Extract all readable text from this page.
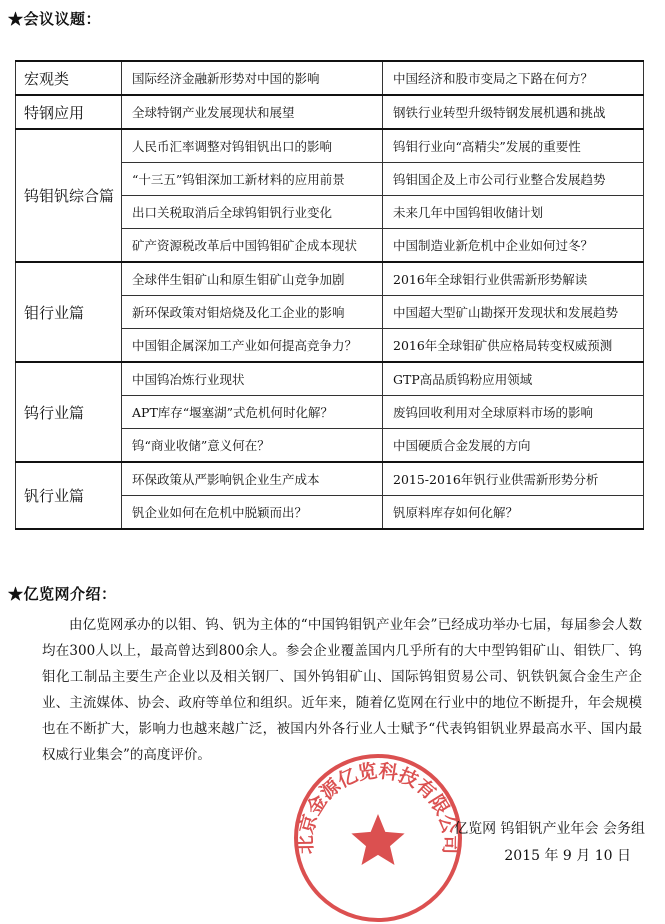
★会议议题：
宏观类	国际经济金融新形势对中国的影响	中国经济和股市变局之下路在何方？
特钢应用	全球特钢产业发展现状和展望	钢铁行业转型升级特钢发展机遇和挑战
钨钼钒综合篇	人民币汇率调整对钨钼钒出口的影响	钨钼行业向“高精尖”发展的重要性
	“十三五”钨钼深加工新材料的应用前景	钨钼国企及上市公司行业整合发展趋势
	出口关税取消后全球钨钼钒行业变化	未来几年中国钨钼收储计划
	矿产资源税改革后中国钨钼矿企成本现状	中国制造业新危机中企业如何过冬？
钼行业篇	全球伴生钼矿山和原生钼矿山竞争加剧	2016年全球钼行业供需新形势解读
	新环保政策对钼焙烧及化工企业的影响	中国超大型矿山勘探开发现状和发展趋势
	中国钼企属深加工产业如何提高竞争力？	2016年全球钼矿供应格局转变权威预测
钨行业篇	中国钨冶炼行业现状	GTP高品质钨粉应用领域
	APT库存“堰塞湖”式危机何时化解？	废钨回收利用对全球原料市场的影响
	钨“商业收储”意义何在？	中国硬质合金发展的方向
钒行业篇	环保政策从严影响钒企业生产成本	2015-2016年钒行业供需新形势分析
	钒企业如何在危机中脱颖而出？	钒原料库存如何化解？
★亿览网介绍：

由亿览网承办的以钼、钨、钒为主体的“中国钨钼钒产业年会”已经成功举办七届，每届参会人数均在300人以上，最高曾达到800余人。参会企业覆盖国内几乎所有的大中型钨钼矿山、钼铁厂、钨钼化工制品主要生产企业以及相关钢厂、国外钨钼矿山、国际钨钼贸易公司、钒铁钒氮合金生产企业、主流媒体、协会、政府等单位和组织。近年来，随着亿览网在行业中的地位不断提升，年会规模也在不断扩大，影响力也越来越广泛，被国内外各行业人士赋予“代表钨钼钒业界最高水平、国内最权威行业集会”的高度评价。

北京金源亿览科技有限公司
亿览网 钨钼钒产业年会 会务组
2015 年 9 月 10 日
